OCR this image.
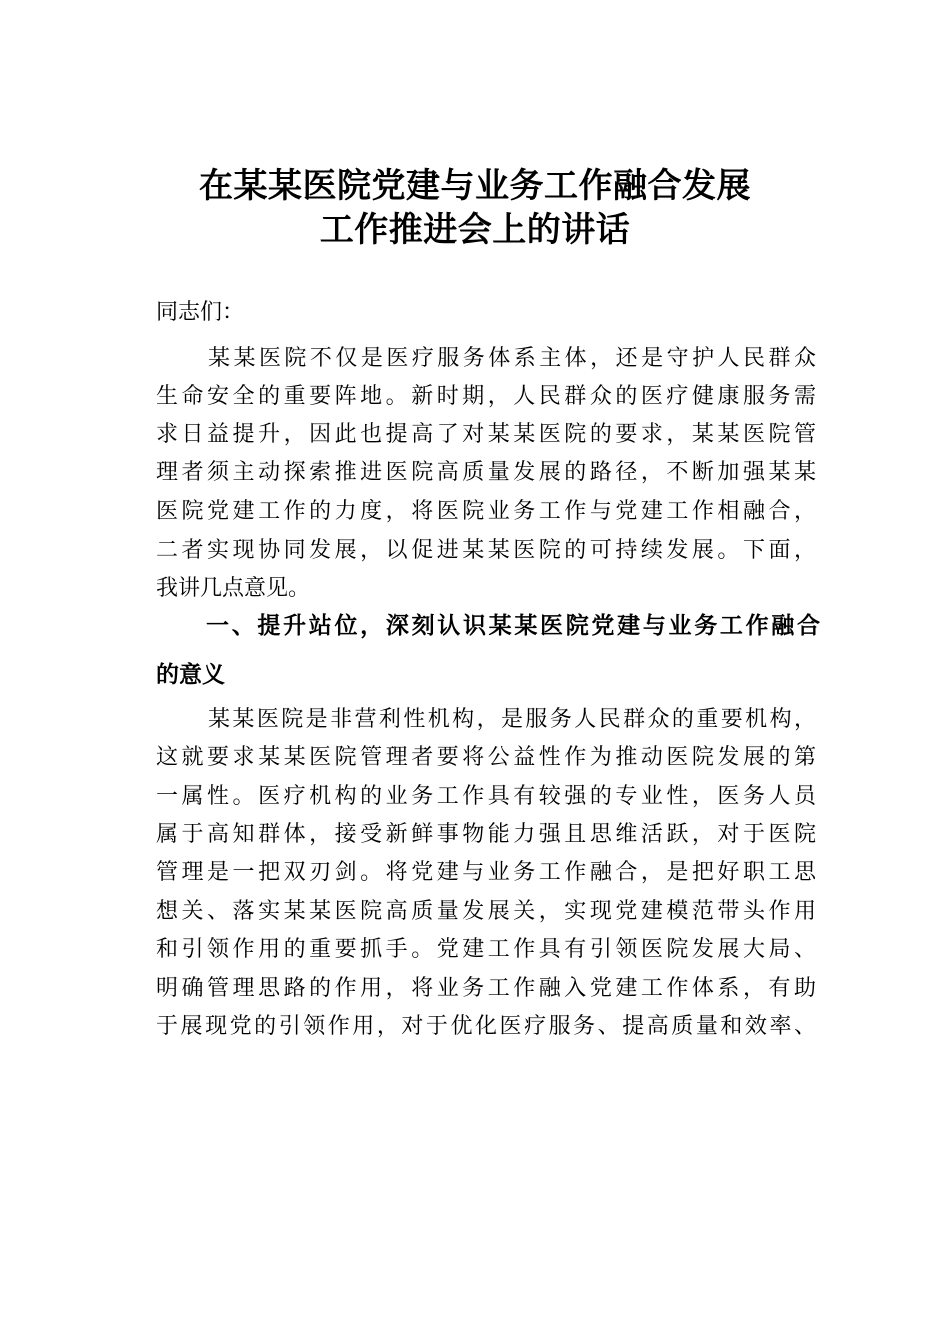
在某某医院党建与业务工作融合发展
工作推进会上的讲话
同志们：
某某医院不仅是医疗服务体系主体，还是守护人民群众
生命安全的重要阵地。新时期，人民群众的医疗健康服务需
求日益提升，因此也提高了对某某医院的要求，某某医院管
理者须主动探索推进医院高质量发展的路径，不断加强某某
医院党建工作的力度，将医院业务工作与党建工作相融合，
二者实现协同发展，以促进某某医院的可持续发展。下面，
我讲几点意见。
一、提升站位，深刻认识某某医院党建与业务工作融合
的意义
某某医院是非营利性机构，是服务人民群众的重要机构，
这就要求某某医院管理者要将公益性作为推动医院发展的第
一属性。医疗机构的业务工作具有较强的专业性，医务人员
属于高知群体，接受新鲜事物能力强且思维活跃，对于医院
管理是一把双刃剑。将党建与业务工作融合，是把好职工思
想关、落实某某医院高质量发展关，实现党建模范带头作用
和引领作用的重要抓手。党建工作具有引领医院发展大局、
明确管理思路的作用，将业务工作融入党建工作体系，有助
于展现党的引领作用，对于优化医疗服务、提高质量和效率、
